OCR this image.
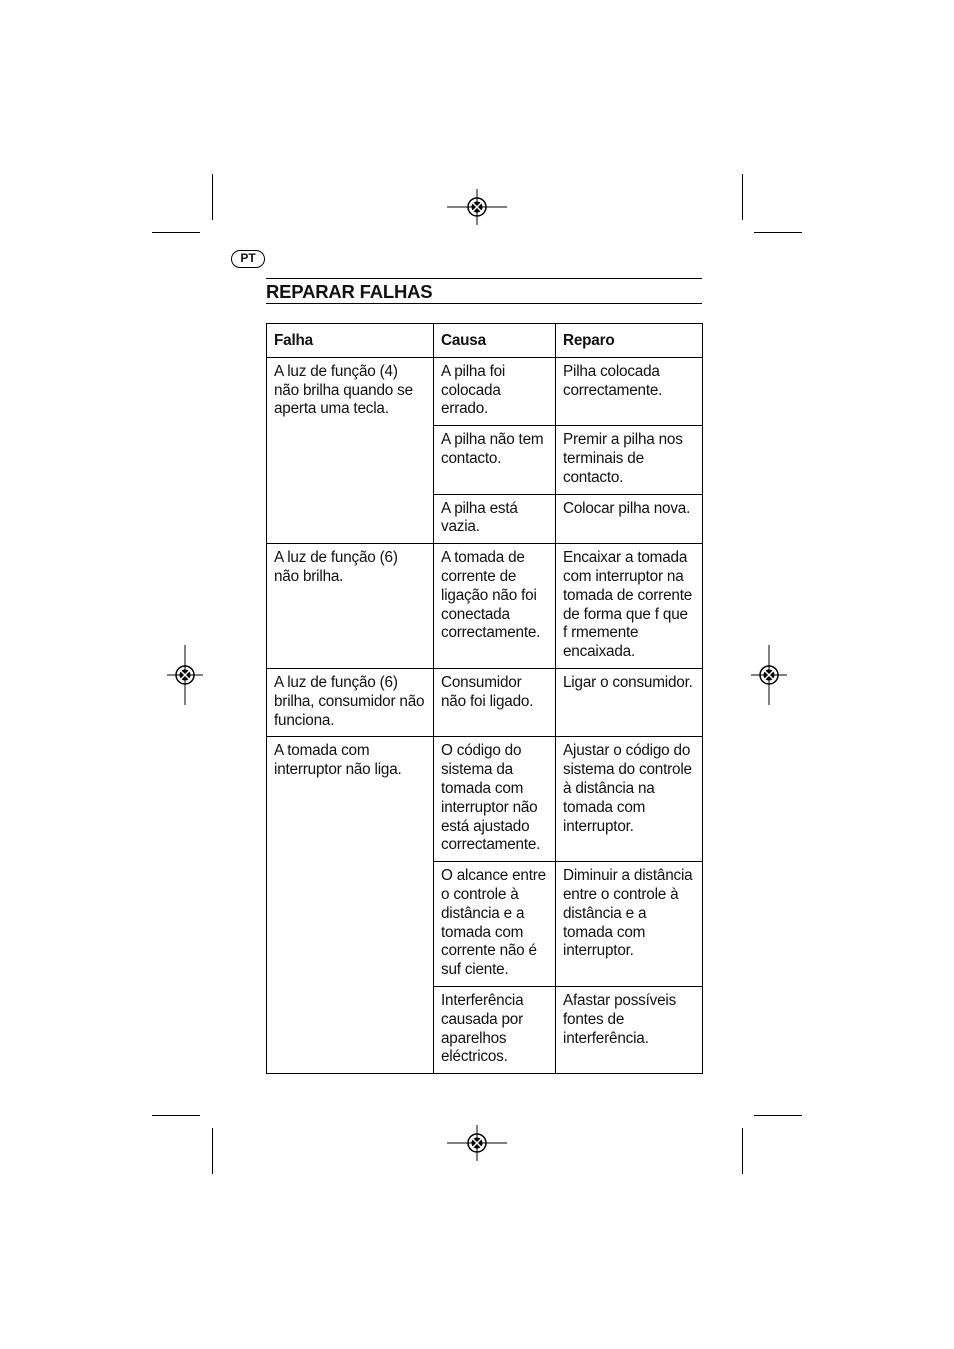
PT
REPARAR FALHAS
Falha	Causa	Reparo
A luz de função (4) não brilha quando se aperta uma tecla.	A pilha foi colocada errado.	Pilha colocada correctamente.
	A pilha não tem contacto.	Premir a pilha nos terminais de contacto.
	A pilha está vazia.	Colocar pilha nova.
A luz de função (6) não brilha.	A tomada de corrente de ligação não foi conectada correctamente.	Encaixar a tomada com interruptor na tomada de corrente de forma que f que f rmemente encaixada.
A luz de função (6) brilha, consumidor não funciona.	Consumidor não foi ligado.	Ligar o consumidor.
A tomada com interruptor não liga.	O código do sistema da tomada com interruptor não está ajustado correctamente.	Ajustar o código do sistema do controle à distância na tomada com interruptor.
	O alcance entre o controle à distância e a tomada com corrente não é suf ciente.	Diminuir a distância entre o controle à distância e a tomada com interruptor.
	Interferência causada por aparelhos eléctricos.	Afastar possíveis fontes de interferência.
